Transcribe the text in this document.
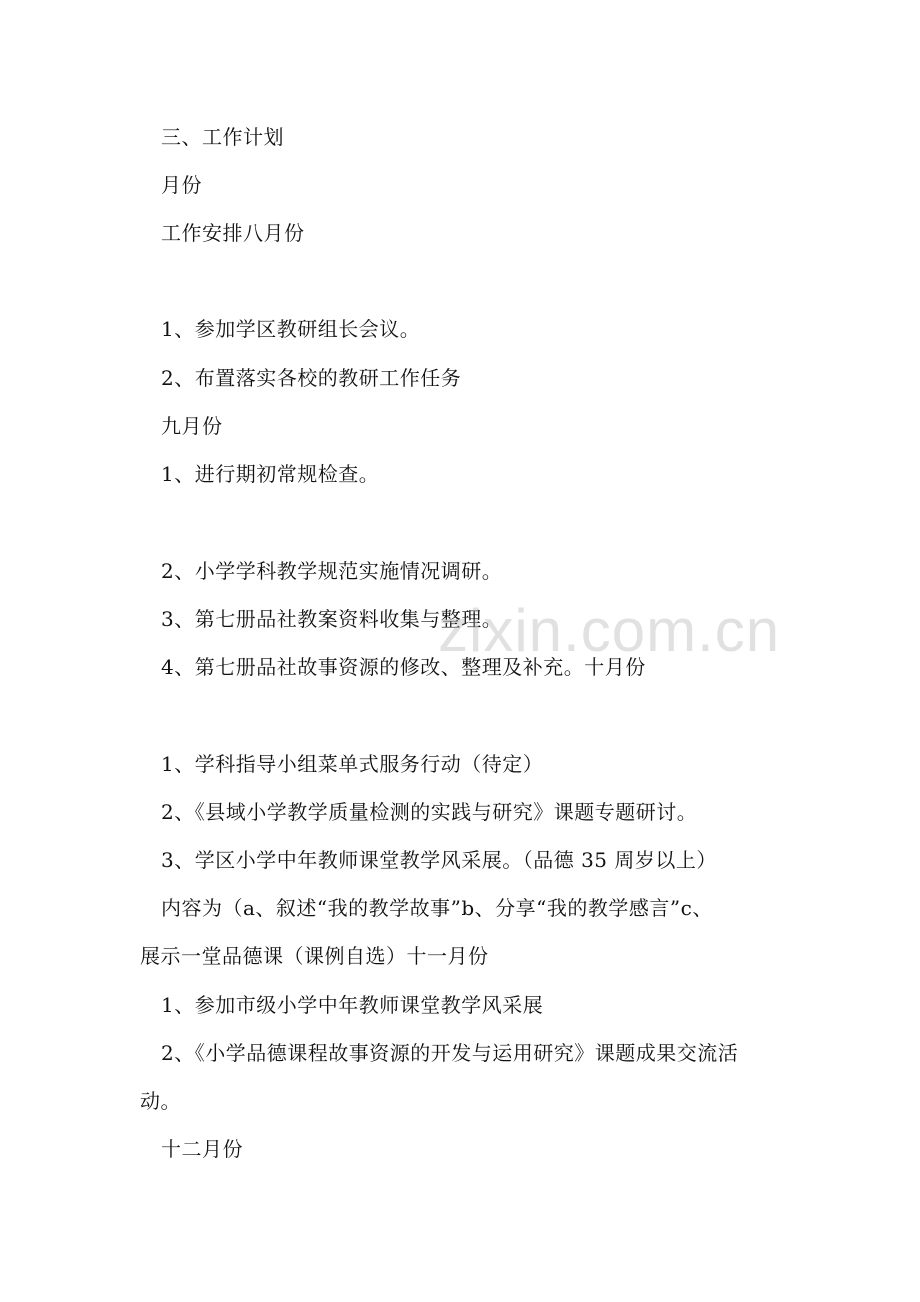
三、工作计划
月份
工作安排八月份
1、参加学区教研组长会议。
2、布置落实各校的教研工作任务
九月份
1、进行期初常规检查。
2、小学学科教学规范实施情况调研。
3、第七册品社教案资料收集与整理。
4、第七册品社故事资源的修改、整理及补充。十月份
1、学科指导小组菜单式服务行动（待定）
2、《县域小学教学质量检测的实践与研究》课题专题研讨。
3、学区小学中年教师课堂教学风采展。（品德 35 周岁以上）
内容为（a、叙述“我的教学故事”b、分享“我的教学感言”c、
展示一堂品德课（课例自选）十一月份
1、参加市级小学中年教师课堂教学风采展
2、《小学品德课程故事资源的开发与运用研究》课题成果交流活
动。
十二月份
zixin.com.cn
